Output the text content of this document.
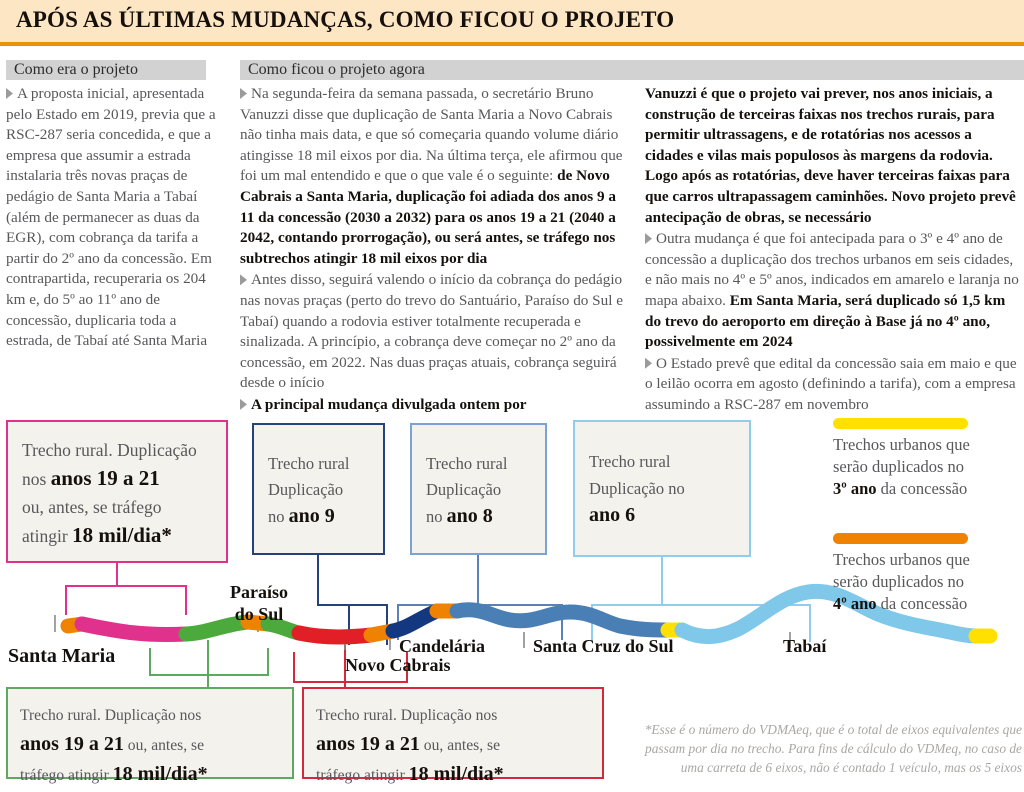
APÓS AS ÚLTIMAS MUDANÇAS, COMO FICOU O PROJETO
Como era o projeto	Como ficou o projeto agora

A proposta inicial, apresentada pelo Estado em 2019, previa que a RSC-287 seria concedida, e que a empresa que assumir a estrada instalaria três novas praças de pedágio de Santa Maria a Tabaí (além de permanecer as duas da EGR), com cobrança da tarifa a partir do 2º ano da concessão. Em contrapartida, recuperaria os 204 km e, do 5º ao 11º ano de concessão, duplicaria toda a estrada, de Tabaí até Santa Maria

Na segunda-feira da semana passada, o secretário Bruno Vanuzzi disse que duplicação de Santa Maria a Novo Cabrais não tinha mais data, e que só começaria quando volume diário atingisse 18 mil eixos por dia. Na última terça, ele afirmou que foi um mal entendido e que o que vale é o seguinte: de Novo Cabrais a Santa Maria, duplicação foi adiada dos anos 9 a 11 da concessão (2030 a 2032) para os anos 19 a 21 (2040 a 2042, contando prorrogação), ou será antes, se tráfego nos subtrechos atingir 18 mil eixos por dia

Antes disso, seguirá valendo o início da cobrança do pedágio nas novas praças (perto do trevo do Santuário, Paraíso do Sul e Tabaí) quando a rodovia estiver totalmente recuperada e sinalizada. A princípio, a cobrança deve começar no 2º ano da concessão, em 2022. Nas duas praças atuais, cobrança seguirá desde o início

A principal mudança divulgada ontem por

Vanuzzi é que o projeto vai prever, nos anos iniciais, a construção de terceiras faixas nos trechos rurais, para permitir ultrassagens, e de rotatórias nos acessos a cidades e vilas mais populosos às margens da rodovia. Logo após as rotatórias, deve haver terceiras faixas para que carros ultrapassagem caminhões. Novo projeto prevê antecipação de obras, se necessário

Outra mudança é que foi antecipada para o 3º e 4º ano de concessão a duplicação dos trechos urbanos em seis cidades, e não mais no 4º e 5º anos, indicados em amarelo e laranja no mapa abaixo. Em Santa Maria, será duplicado só 1,5 km do trevo do aeroporto em direção à Base já no 4º ano, possivelmente em 2024

O Estado prevê que edital da concessão saia em maio e que o leilão ocorra em agosto (definindo a tarifa), com a empresa assumindo a RSC-287 em novembro

Trecho rural. Duplicação
nos anos 19 a 21
ou, antes, se tráfego
atingir 18 mil/dia*
Trecho rural
Duplicação
no ano 9
Trecho rural
Duplicação
no ano 8
Trecho rural
Duplicação no
ano 6
Trecho rural. Duplicação nos
anos 19 a 21 ou, antes, se
tráfego atingir 18 mil/dia*
Trecho rural. Duplicação nos
anos 19 a 21 ou, antes, se
tráfego atingir 18 mil/dia*
Trechos urbanos que
serão duplicados no
3º ano da concessão
Trechos urbanos que
serão duplicados no
4º ano da concessão
Santa Maria
Paraíso
do Sul
Novo Cabrais
Candelária	Santa Cruz do Sul	Tabaí
*Esse é o número do VDMAeq, que é o total de eixos equivalentes que passam por dia no trecho. Para fins de cálculo do VDMeq, no caso de uma carreta de 6 eixos, não é contado 1 veículo, mas os 5 eixos
